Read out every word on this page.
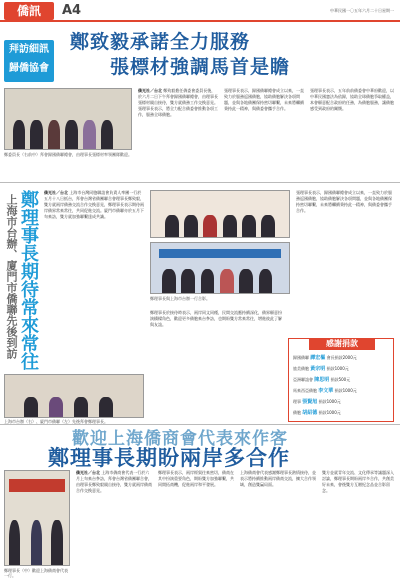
僑訊	A4	中華民國一〇五年六月二十日星期一
拜訪細訊
歸僑協會
鄭致毅承諾全力服務
張標材強調馬首是瞻
鄭委員長（右前中）拜會歸國僑聯總會，由理事長張標材率領團隊歡迎。
僑光社／台北 鄭致毅擔任僑委會委員長後，於六月二日下午拜會歸國僑聯總會，由理事長張標材親自接待，雙方就僑務工作交換意見。張理事長表示，將全力配合僑委會推動各項工作，服務全球僑胞。
張理事長表示，歸國僑聯總會成立以來，一直致力於服務返國僑胞，協助僑胞解決各項問題，並與各地僑團保持密切聯繫，未來將繼續秉持此一精神，與僑委會攜手合作。
張理事長表示，五年前前僑委會中華府歡迎，以中華民國憲法為依歸，協助全球僑胞爭取權益，本會願意配合政府的任務，為僑胞服務，讓僑胞感受到政府的關懷。
鄭理事長期待常來常往
上海市台辦、廈門市僑聯先後到訪
僑光社／台北 上海市台灣同胞聯誼會負責人率團一行於五月十八日抵台，拜會台灣省僑團聯合會理事長鄭致毅，雙方就兩岸僑務交流合作交換意見，鄭理事長表示期待兩岸僑界常來常往，共同促進交流。廈門市僑聯亦於五月下旬來訪，雙方就加強聯繫達成共識。
鄭理事長與上海市台辦一行合影。
張理事長表示，歸國僑聯總會成立以來，一直致力於服務返國僑胞，協助僑胞解決各項問題，並與各地僑團保持密切聯繫，未來將繼續秉持此一精神，與僑委會攜手合作。
鄭理事長於接待時表示，兩岸同文同種，民間交流應持續深化，僑界願意扮演橋樑角色，歡迎更多僑胞來台參訪，也期盼雙方常來常往，增進彼此了解與友誼。
上海市台辦（右）、廈門市僑聯（左）先後拜會鄭理事長。
感謝捐款
歸國僑聯 譚宏樞 會長捐款2000元
旅美僑胞 黃宗明 捐款1000元
亞洲聯誼會 陳思明 捐款500元
馬來西亞僑胞 李文華 捐款1000元
理事 張賢旭 捐款1000元
僑胞 胡紹德 捐款1000元
歡迎上海僑商會代表來作客
鄭理事長期盼兩岸多合作
鄭理事長（中）歡迎上海僑商會代表一行。
僑光社／台北 上海市僑商會代表一行於六月上旬來台參訪，拜會台灣省僑團聯合會，由理事長鄭致毅親自接待，雙方就兩岸僑商合作交換意見。
鄭理事長表示，兩岸經貿往來密切，僑商在其中扮演重要角色，期盼雙方加強聯繫，共同開拓商機，促進兩岸和平發展。
上海僑商會代表感謝鄭理事長熱情接待，並表示將持續推動兩岸僑商交流，擴大合作領域，創造雙贏局面。
雙方並就青年交流、文化傳承等議題深入討論，鄭理事長期盼兩岸多合作，共創美好未來，會後雙方互贈紀念品並合影留念。
